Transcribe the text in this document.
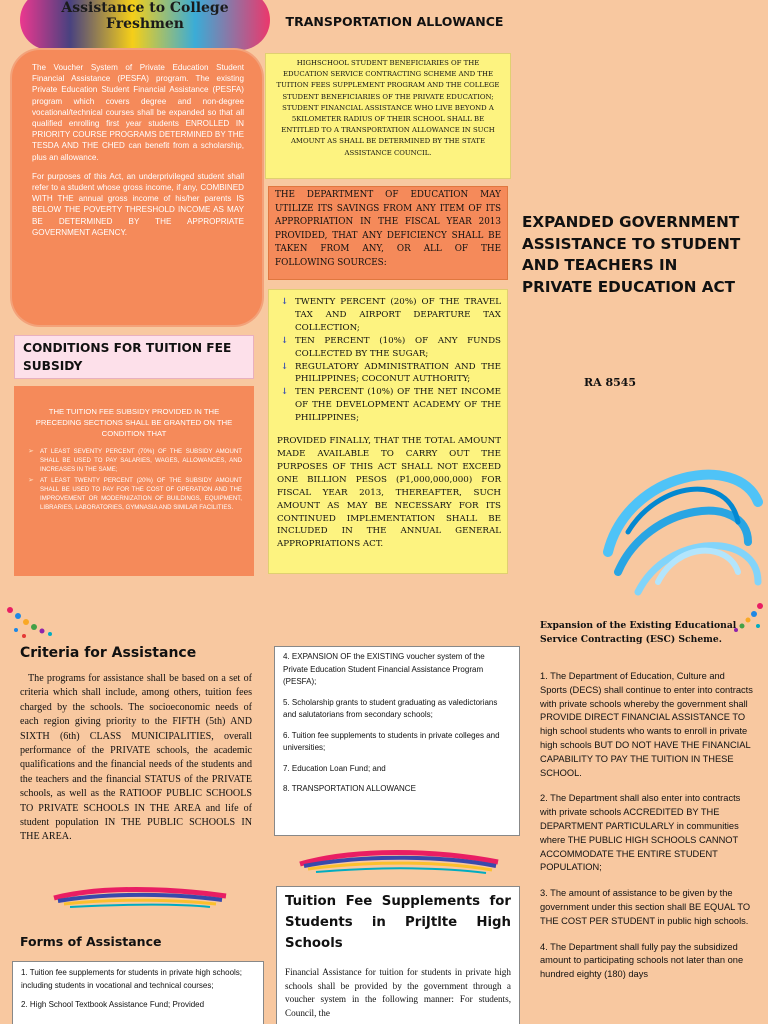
Assistance to College
Freshmen

The Voucher System of Private Education Student Financial Assistance (PESFA) program. The existing Private Education Student Financial Assistance (PESFA) program which covers degree and non-degree vocational/technical courses shall be expanded so that all qualified enrolling first year students ENROLLED IN PRIORITY COURSE PROGRAMS DETERMINED BY THE TESDA AND THE CHED can benefit from a scholarship, plus an allowance.

For purposes of this Act, an underprivileged student shall refer to a student whose gross income, if any, COMBINED WITH THE annual gross income of his/her parents IS BELOW THE POVERTY THRESHOLD INCOME AS MAY BE DETERMINED BY THE APPROPRIATE GOVERNMENT AGENCY.

CONDITIONS FOR TUITION FEE SUBSIDY

THE TUITION FEE SUBSIDY PROVIDED IN THE PRECEDING SECTIONS SHALL BE GRANTED ON THE CONDITION THAT

➢ AT LEAST SEVENTY PERCENT (70%) OF THE SUBSIDY AMOUNT SHALL BE USED TO PAY SALARIES, WAGES, ALLOWANCES, AND INCREASES IN THE SAME;
➢ AT LEAST TWENTY PERCENT (20%) OF THE SUBSIDY AMOUNT SHALL BE USED TO PAY FOR THE COST OF OPERATION AND THE IMPROVEMENT OR MODERNIZATION OF BUILDINGS, EQUIPMENT, LIBRARIES, LABORATORIES, GYMNASIA AND SIMILAR FACILITIES.
TRANSPORTATION ALLOWANCE
HIGHSCHOOL STUDENT BENEFICIARIES OF THE EDUCATION SERVICE CONTRACTING SCHEME AND THE TUITION FEES SUPPLEMENT PROGRAM AND THE COLLEGE STUDENT BENEFICIARIES OF THE PRIVATE EDUCATION; STUDENT FINANCIAL ASSISTANCE WHO LIVE BEYOND A 5KILOMETER RADIUS OF THEIR SCHOOL SHALL BE ENTITLED TO A TRANSPORTATION ALLOWANCE IN SUCH AMOUNT AS SHALL BE DETERMINED BY THE STATE ASSISTANCE COUNCIL.
THE DEPARTMENT OF EDUCATION MAY UTILIZE ITS SAVINGS FROM ANY ITEM OF ITS APPROPRIATION IN THE FISCAL YEAR 2013 PROVIDED, THAT ANY DEFICIENCY SHALL BE TAKEN FROM ANY, OR ALL OF THE FOLLOWING SOURCES:
↓ TWENTY PERCENT (20%) OF THE TRAVEL TAX AND AIRPORT DEPARTURE TAX COLLECTION;
↓ TEN PERCENT (10%) OF ANY FUNDS COLLECTED BY THE SUGAR;
↓ REGULATORY ADMINISTRATION AND THE PHILIPPINES; COCONUT AUTHORITY;
↓ TEN PERCENT (10%) OF THE NET INCOME OF THE DEVELOPMENT ACADEMY OF THE PHILIPPINES;

PROVIDED FINALLY, THAT THE TOTAL AMOUNT MADE AVAILABLE TO CARRY OUT THE PURPOSES OF THIS ACT SHALL NOT EXCEED ONE BILLION PESOS (P1,000,000,000) FOR FISCAL YEAR 2013, THEREAFTER, SUCH AMOUNT AS MAY BE NECESSARY FOR ITS CONTINUED IMPLEMENTATION SHALL BE INCLUDED IN THE ANNUAL GENERAL APPROPRIATIONS ACT.

EXPANDED GOVERNMENT ASSISTANCE TO STUDENT AND TEACHERS IN PRIVATE EDUCATION ACT
RA 8545
Criteria for Assistance
The programs for assistance shall be based on a set of criteria which shall include, among others, tuition fees charged by the schools. The socioeconomic needs of each region giving priority to the FIFTH (5th) AND SIXTH (6th) CLASS MUNICIPALITIES, overall performance of the PRIVATE schools, the academic qualifications and the financial needs of the students and the teachers and the financial STATUS of the PRIVATE schools, as well as the RATIOOF PUBLIC SCHOOLS TO PRIVATE SCHOOLS IN THE AREA and life of student population IN THE PUBLIC SCHOOLS IN THE AREA.

4. EXPANSION OF the EXISTING voucher system of the Private Education Student Financial Assistance Program (PESFA);

5. Scholarship grants to student graduating as valedictorians and salutatorians from secondary schools;

6. Tuition fee supplements to students in private colleges and universities;

7. Education Loan Fund; and

8. TRANSPORTATION ALLOWANCE

Tuition Fee Supplements for Students in PriJtlte High Schools
Financial Assistance for tuition for students in private high schools shall be provided by the government through a voucher system in the following manner: For students, Council, the
Forms of Assistance

1. Tuition fee supplements for students in private high schools; including students in vocational and technical courses;

2. High School Textbook Assistance Fund; Provided

Expansion of the Existing Educational Service Contracting (ESC) Scheme.

1. The Department of Education, Culture and Sports (DECS) shall continue to enter into contracts with private schools whereby the government shall PROVIDE DIRECT FINANCIAL ASSISTANCE TO high school students who wants to enroll in private high schools BUT DO NOT HAVE THE FINANCIAL CAPABILITY TO PAY THE TUITION IN THESE SCHOOL.

2. The Department shall also enter into contracts with private schools ACCREDITED BY THE DEPARTMENT PARTICULARLY in communities where THE PUBLIC HIGH SCHOOLS CANNOT ACCOMMODATE THE ENTIRE STUDENT POPULATION;

3. The amount of assistance to be given by the government under this section shall BE EQUAL TO THE COST PER STUDENT in public high schools.

4. The Department shall fully pay the subsidized amount to participating schools not later than one hundred eighty (180) days
